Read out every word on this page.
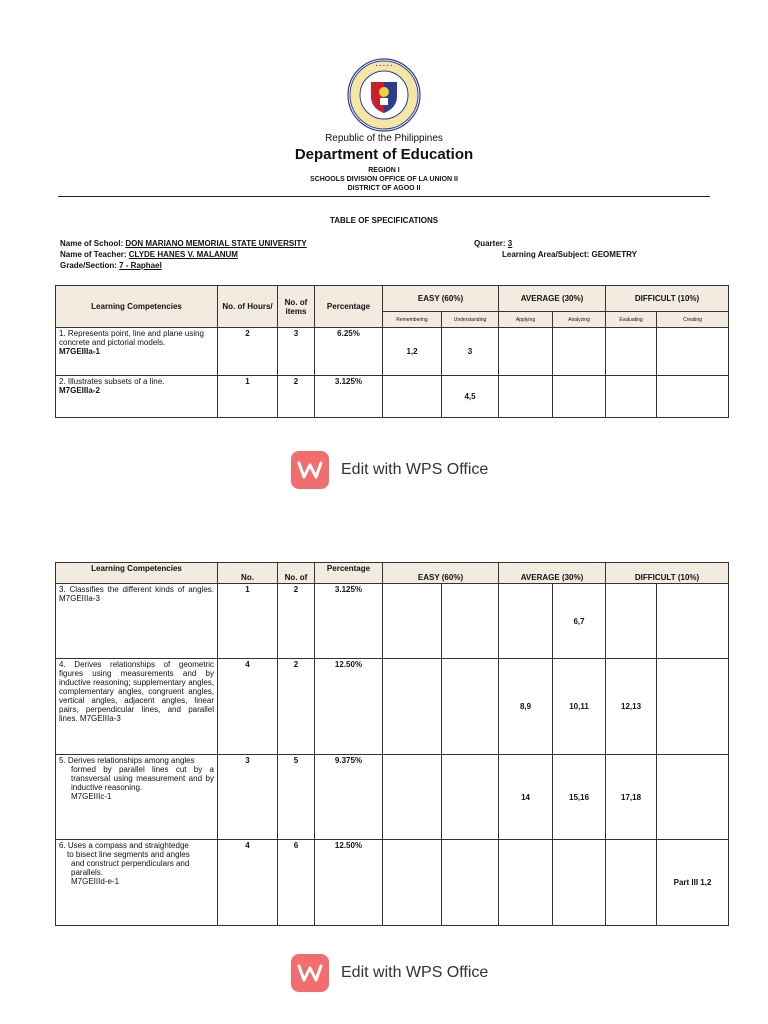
• • • • •
Republic of the Philippines
Department of Education
REGION I
SCHOOLS DIVISION OFFICE OF LA UNION II
DISTRICT OF AGOO II
TABLE OF SPECIFICATIONS
Name of School: DON MARIANO MEMORIAL STATE UNIVERSITY
Name of Teacher: CLYDE HANES V. MALANUM
Grade/Section: 7 - Raphael
Quarter: 3
Learning Area/Subject: GEOMETRY
Learning Competencies	No. of Hours/	No. of items	Percentage	EASY (60%)		AVERAGE (30%)		DIFFICULT (10%)	
				Remembering	Understanding	Applying	Analyzing	Evaluating	Creating

1. Represents point, line and plane using concrete and pictorial models.
M7GEIIIa-1	2	3	6.25%	1,2	3				

2. Illustrates subsets of a line.
M7GEIIIa-2	1	2	3.125%		4,5				
Edit with WPS Office
Learning Competencies	No.	No. of	Percentage	EASY (60%)		AVERAGE (30%)		DIFFICULT (10%)	
3. Classifies the different kinds of angles. M7GEIIIa-3	1	2	3.125%				6,7		
4. Derives relationships of geometric figures using measurements and by inductive reasoning; supplementary angles, complementary angles, congruent angles, vertical angles, adjacent angles, linear pairs, perpendicular lines, and parallel lines. M7GEIIIa-3	4	2	12.50%			8,9	10,11	12,13	

5. Derives relationships among angles
formed by parallel lines cut by a transversal using measurement and by inductive reasoning.
M7GEIIIc-1	3	5	9.375%			14	15,16	17,18	

6. Uses a compass and straightedge
to bisect line segments and angles
and construct perpendiculars and parallels.
M7GEIIId-e-1	4	6	12.50%						Part III 1,2
Edit with WPS Office
